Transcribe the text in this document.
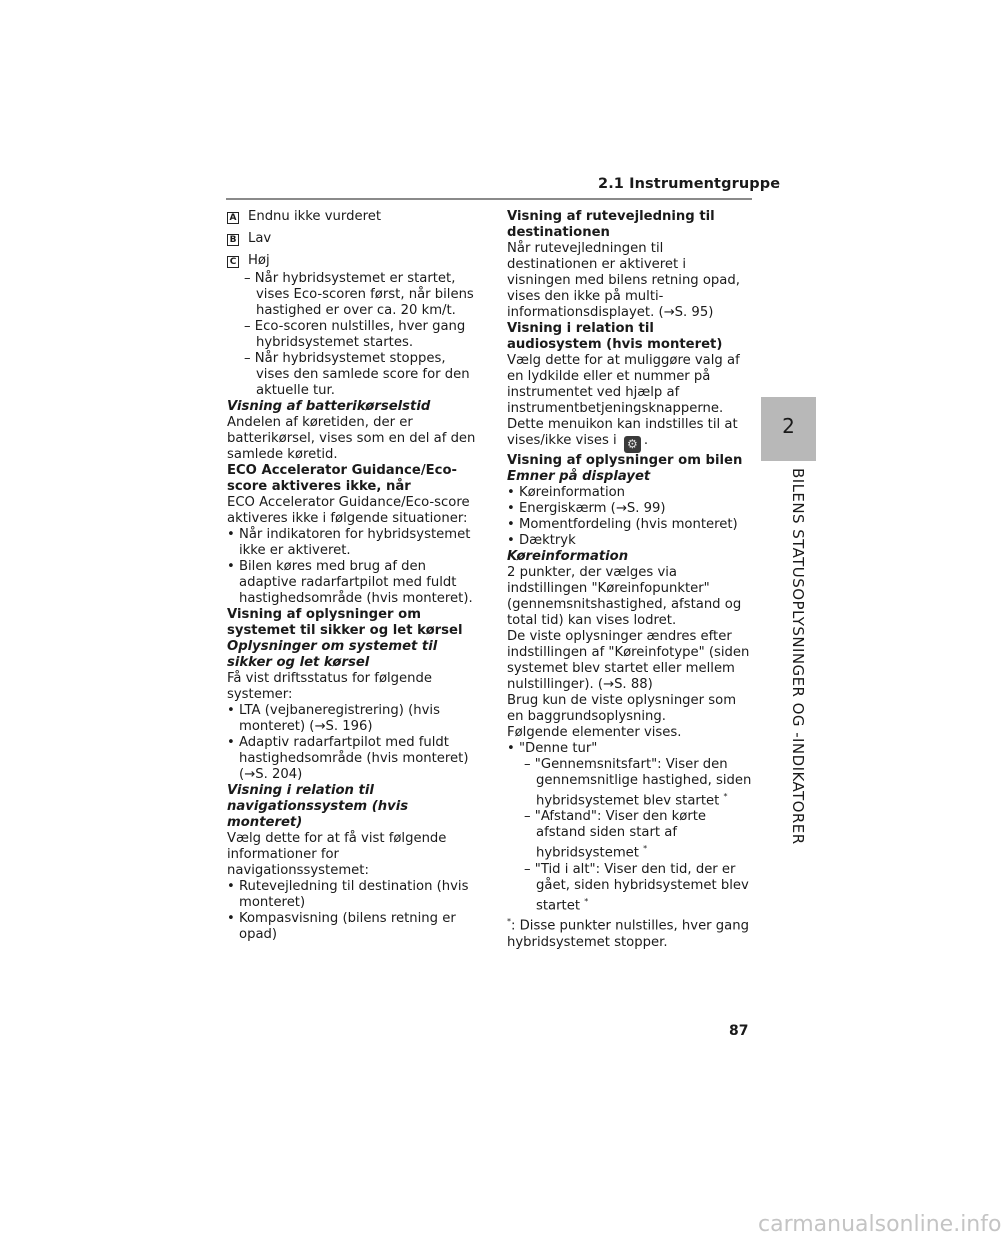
2.1 Instrumentgruppe
2
BILENS STATUSOPLYSNINGER OG -INDIKATORER
A Endnu ikke vurderet
B Lav
C Høj

– Når hybridsystemet er startet, vises Eco-scoren først, når bilens hastighed er over ca. 20 km/t.

– Eco-scoren nulstilles, hver gang hybridsystemet startes.

– Når hybridsystemet stoppes, vises den samlede score for den aktuelle tur.

Visning af batterikørselstid

Andelen af køretiden, der er batterikørsel, vises som en del af den samlede køretid.

ECO Accelerator Guidance/Eco-score aktiveres ikke, når

ECO Accelerator Guidance/Eco-score aktiveres ikke i følgende situationer:

• Når indikatoren for hybridsystemet ikke er aktiveret.

• Bilen køres med brug af den adaptive radarfartpilot med fuldt hastighedsområde (hvis monteret).

Visning af oplysninger om systemet til sikker og let kørsel

Oplysninger om systemet til sikker og let kørsel

Få vist driftsstatus for følgende systemer:

• LTA (vejbaneregistrering) (hvis monteret) (→S. 196)

• Adaptiv radarfartpilot med fuldt hastighedsområde (hvis monteret)(→S. 204)

Visning i relation til navigationssystem (hvis monteret)

Vælg dette for at få vist følgende informationer for navigationssystemet:

• Rutevejledning til destination (hvis monteret)

• Kompasvisning (bilens retning er opad)

Visning af rutevejledning til destinationen

Når rutevejledningen til destinationen er aktiveret i visningen med bilens retning opad, vises den ikke på multi-informationsdisplayet. (→S. 95)

Visning i relation til audiosystem (hvis monteret)

Vælg dette for at muliggøre valg af en lydkilde eller et nummer på instrumentet ved hjælp af instrumentbetjeningsknapperne.

Dette menuikon kan indstilles til at vises/ikke vises i ⚙ .

Visning af oplysninger om bilen

Emner på displayet

• Køreinformation

• Energiskærm (→S. 99)

• Momentfordeling (hvis monteret)

• Dæktryk

Køreinformation

2 punkter, der vælges via indstillingen "Køreinfopunkter" (gennemsnitshastighed, afstand og total tid) kan vises lodret.

De viste oplysninger ændres efter indstillingen af "Køreinfotype" (siden systemet blev startet eller mellem nulstillinger). (→S. 88)

Brug kun de viste oplysninger som en baggrundsoplysning.

Følgende elementer vises.

• "Denne tur"

– "Gennemsnitsfart": Viser den gennemsnitlige hastighed, siden hybridsystemet blev startet *

– "Afstand": Viser den kørte afstand siden start af hybridsystemet *

– "Tid i alt": Viser den tid, der er gået, siden hybridsystemet blev startet *

*: Disse punkter nulstilles, hver gang hybridsystemet stopper.

87
carmanualsonline.info
